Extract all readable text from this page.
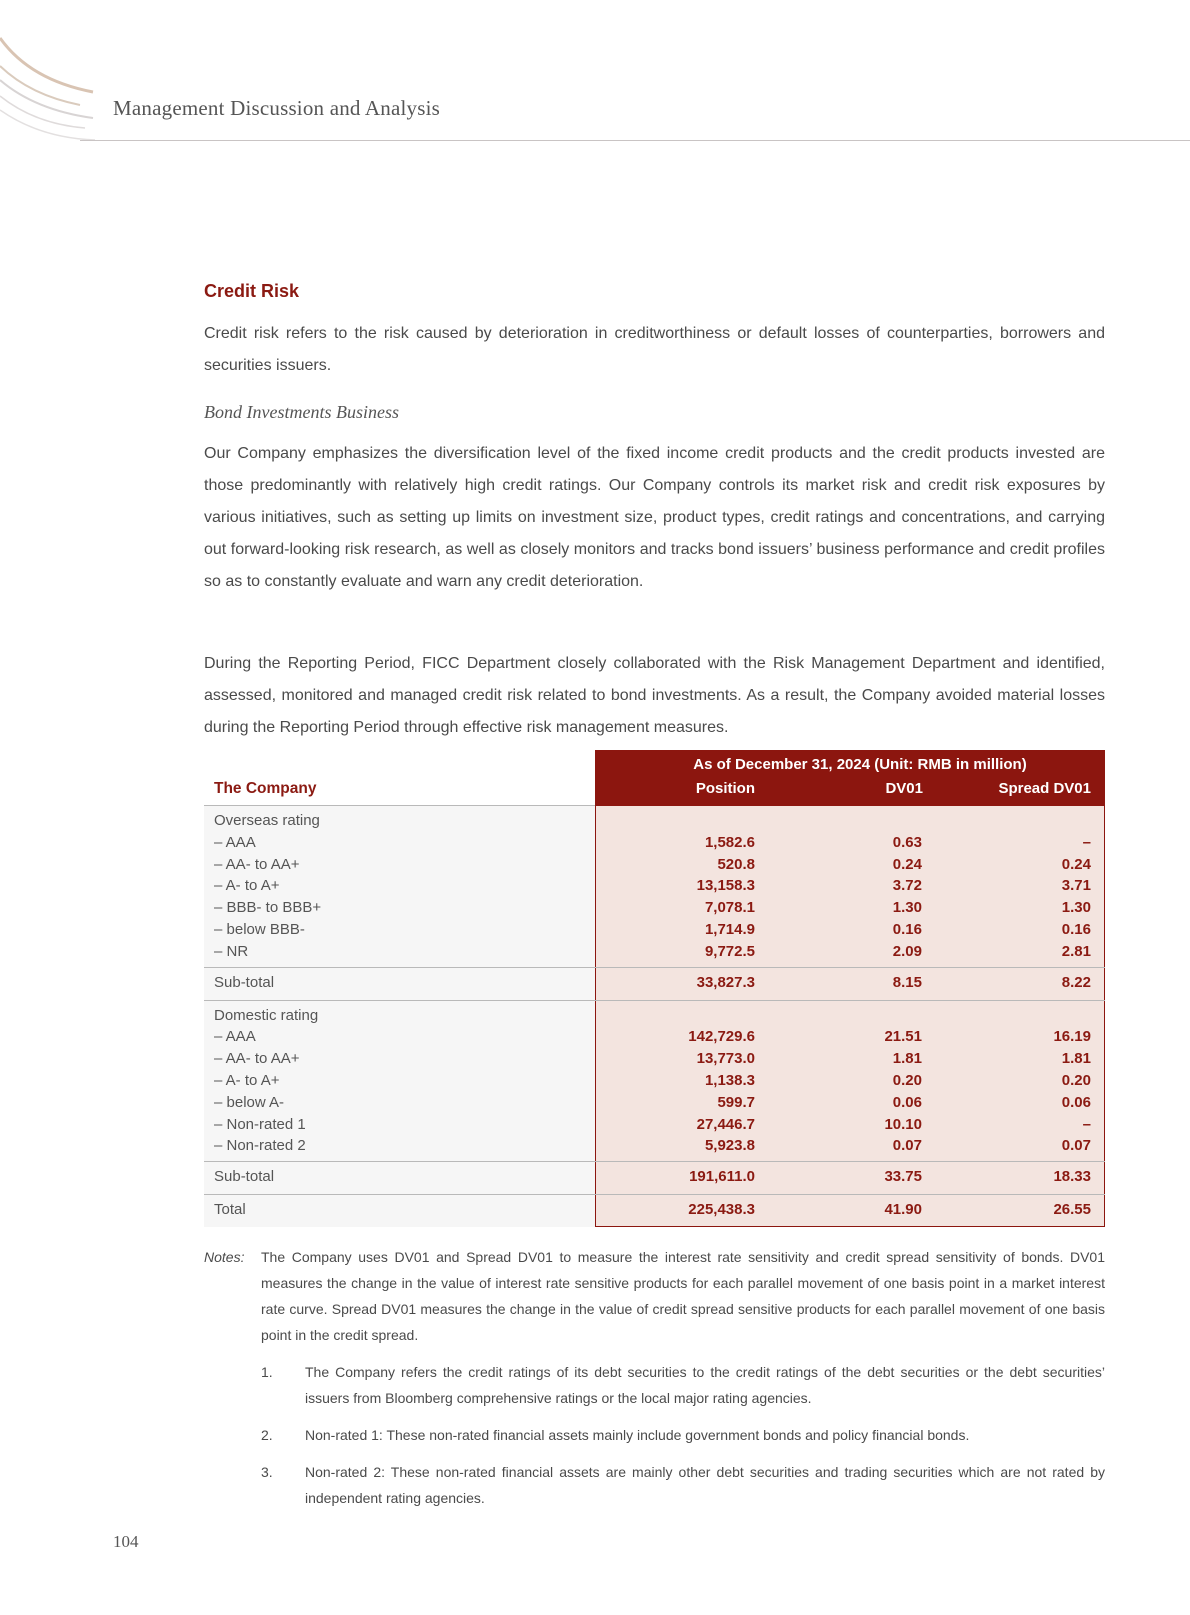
Management Discussion and Analysis
Credit Risk
Credit risk refers to the risk caused by deterioration in creditworthiness or default losses of counterparties, borrowers and securities issuers.
Bond Investments Business
Our Company emphasizes the diversification level of the fixed income credit products and the credit products invested are those predominantly with relatively high credit ratings. Our Company controls its market risk and credit risk exposures by various initiatives, such as setting up limits on investment size, product types, credit ratings and concentrations, and carrying out forward-looking risk research, as well as closely monitors and tracks bond issuers’ business performance and credit profiles so as to constantly evaluate and warn any credit deterioration.
During the Reporting Period, FICC Department closely collaborated with the Risk Management Department and identified, assessed, monitored and managed credit risk related to bond investments. As a result, the Company avoided material losses during the Reporting Period through effective risk management measures.
The Company
As of December 31, 2024 (Unit: RMB in million)
Position	DV01	Spread DV01
Overseas rating
– AAA	1,582.6	0.63	–
– AA- to AA+	520.8	0.24	0.24
– A- to A+	13,158.3	3.72	3.71
– BBB- to BBB+	7,078.1	1.30	1.30
– below BBB-	1,714.9	0.16	0.16
– NR	9,772.5	2.09	2.81
Sub-total	33,827.3	8.15	8.22
Domestic rating
– AAA	142,729.6	21.51	16.19
– AA- to AA+	13,773.0	1.81	1.81
– A- to A+	1,138.3	0.20	0.20
– below A-	599.7	0.06	0.06
– Non-rated 1	27,446.7	10.10	–
– Non-rated 2	5,923.8	0.07	0.07
Sub-total	191,611.0	33.75	18.33
Total	225,438.3	41.90	26.55
Notes: The Company uses DV01 and Spread DV01 to measure the interest rate sensitivity and credit spread sensitivity of bonds. DV01 measures the change in the value of interest rate sensitive products for each parallel movement of one basis point in a market interest rate curve. Spread DV01 measures the change in the value of credit spread sensitive products for each parallel movement of one basis point in the credit spread.
1. The Company refers the credit ratings of its debt securities to the credit ratings of the debt securities or the debt securities’ issuers from Bloomberg comprehensive ratings or the local major rating agencies.
2. Non-rated 1: These non-rated financial assets mainly include government bonds and policy financial bonds.
3. Non-rated 2: These non-rated financial assets are mainly other debt securities and trading securities which are not rated by independent rating agencies.
104
